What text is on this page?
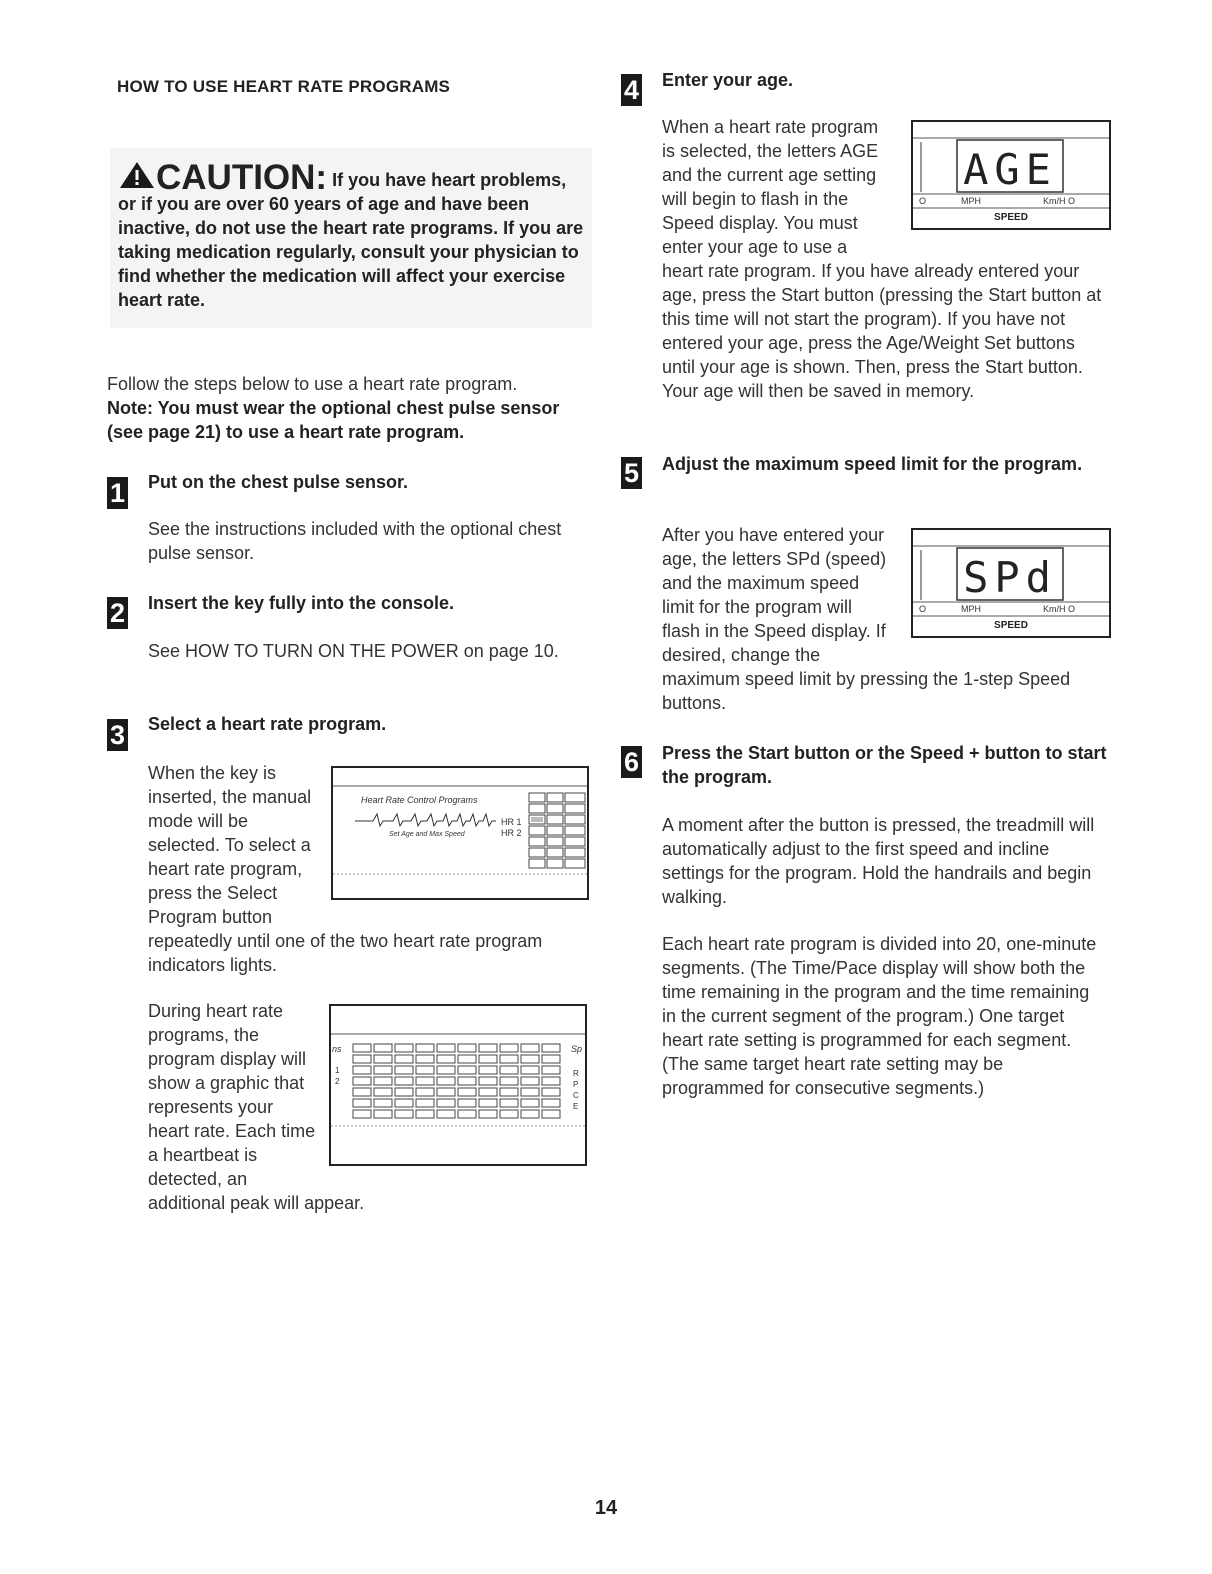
HOW TO USE HEART RATE PROGRAMS
CAUTION: If you have heart problems, or if you are over 60 years of age and have been inactive, do not use the heart rate programs. If you are taking medication regularly, consult your physician to find whether the medication will affect your exercise heart rate.
Follow the steps below to use a heart rate program.
Note: You must wear the optional chest pulse sensor (see page 21) to use a heart rate program.
1 Put on the chest pulse sensor.
See the instructions included with the optional chest pulse sensor.
2 Insert the key fully into the console.
See HOW TO TURN ON THE POWER on page 10.
3 Select a heart rate program.
Heart Rate Control Programs
HR 1
Set Age and Max Speed	HR 2
When the key is
inserted, the manual
mode will be
selected. To select a
heart rate program,
press the Select
Program button
repeatedly until one of the two heart rate program
indicators lights.
ns
1
2
Sp
R
P
C
E
During heart rate
programs, the
program display will
show a graphic that
represents your
heart rate. Each time
a heartbeat is
detected, an
additional peak will appear.
4 Enter your age.
AGE
O	MPH	Km/H O
SPEED
When a heart rate program
is selected, the letters AGE
and the current age setting
will begin to flash in the
Speed display. You must
enter your age to use a
heart rate program. If you have already entered your
age, press the Start button (pressing the Start button at
this time will not start the program). If you have not
entered your age, press the Age/Weight Set buttons
until your age is shown. Then, press the Start button.
Your age will then be saved in memory.
5 Adjust the maximum speed limit for the program.
SPd
O	MPH	Km/H O
SPEED
After you have entered your
age, the letters SPd (speed)
and the maximum speed
limit for the program will
flash in the Speed display. If
desired, change the
maximum speed limit by pressing the 1-step Speed
buttons.
6 Press the Start button or the Speed + button to start the program.
A moment after the button is pressed, the treadmill will automatically adjust to the first speed and incline settings for the program. Hold the handrails and begin walking.
Each heart rate program is divided into 20, one-minute segments. (The Time/Pace display will show both the time remaining in the program and the time remaining in the current segment of the program.) One target heart rate setting is programmed for each segment. (The same target heart rate setting may be programmed for consecutive segments.)
14
